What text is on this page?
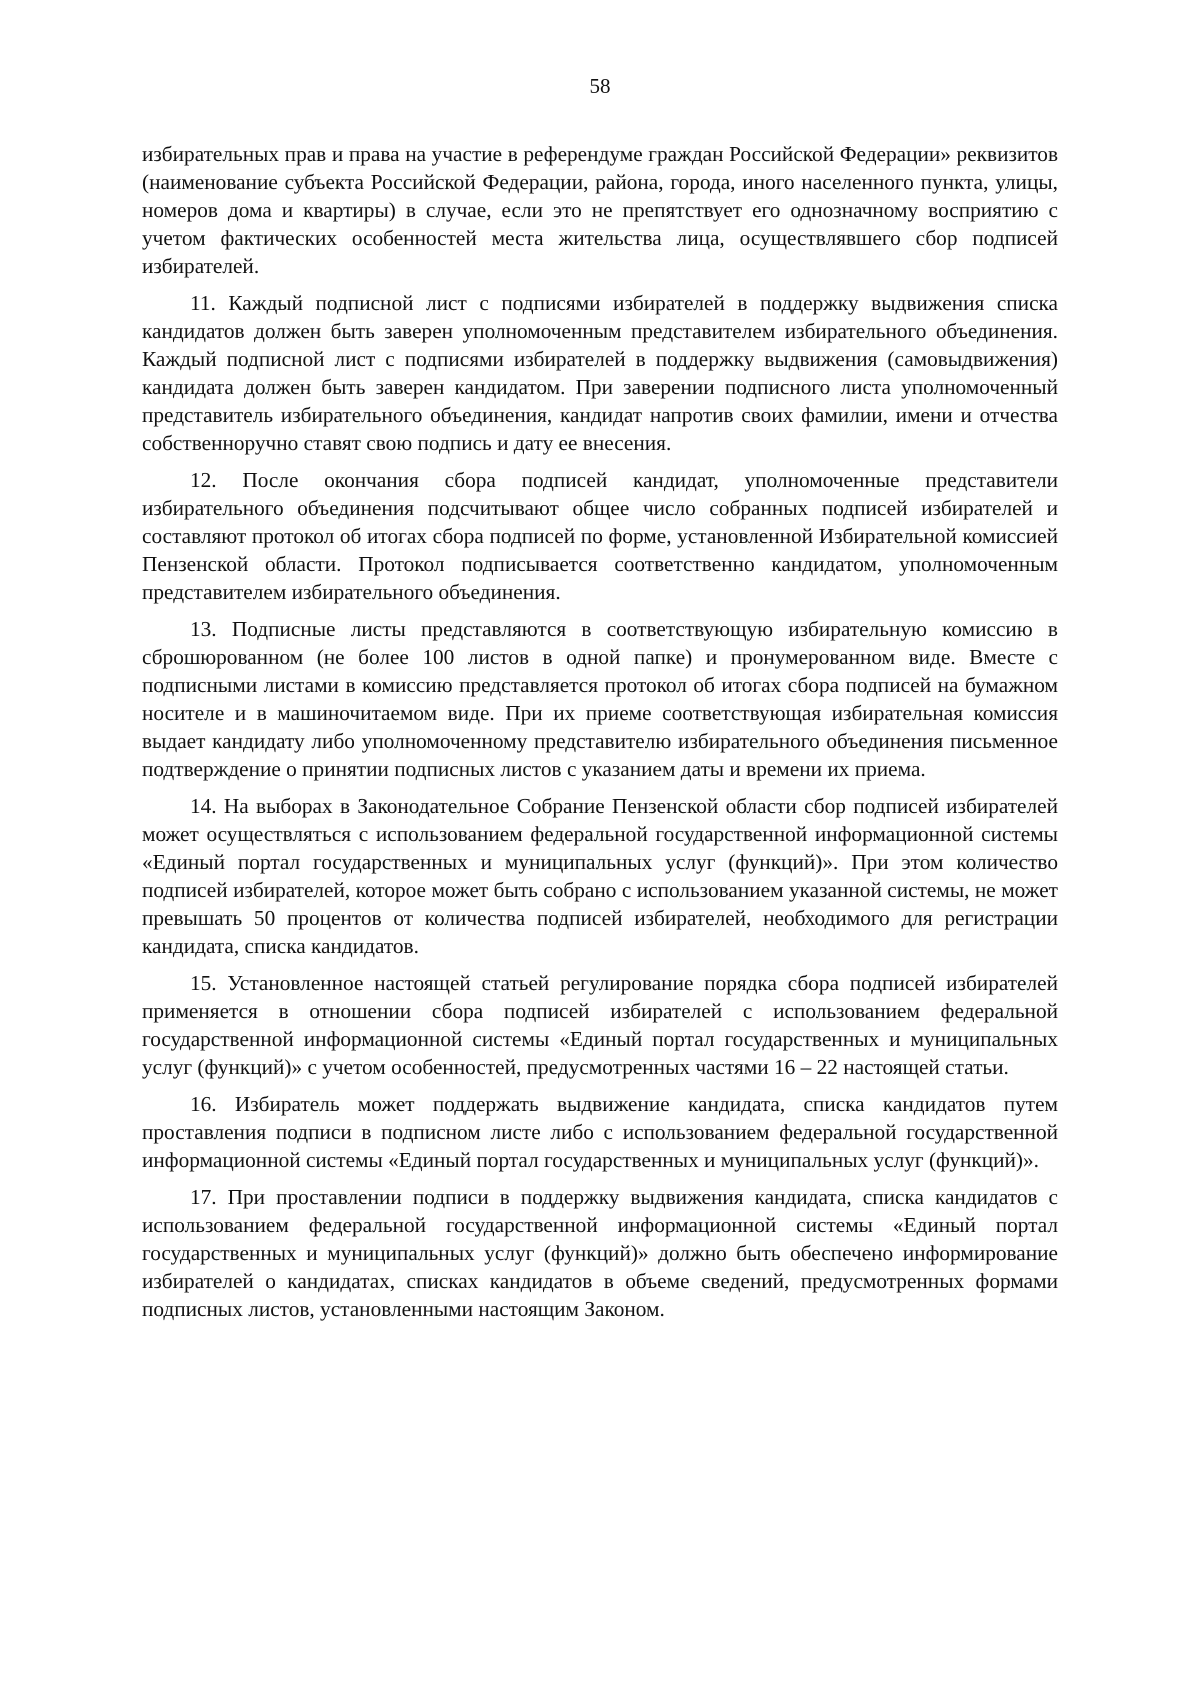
58

избирательных прав и права на участие в референдуме граждан Российской Федерации» реквизитов (наименование субъекта Российской Федерации, района, города, иного населенного пункта, улицы, номеров дома и квартиры) в случае, если это не препятствует его однозначному восприятию с учетом фактических особенностей места жительства лица, осуществлявшего сбор подписей избирателей.

11. Каждый подписной лист с подписями избирателей в поддержку выдвижения списка кандидатов должен быть заверен уполномоченным представителем избирательного объединения. Каждый подписной лист с подписями избирателей в поддержку выдвижения (самовыдвижения) кандидата должен быть заверен кандидатом. При заверении подписного листа уполномоченный представитель избирательного объединения, кандидат напротив своих фамилии, имени и отчества собственноручно ставят свою подпись и дату ее внесения.

12. После окончания сбора подписей кандидат, уполномоченные представители избирательного объединения подсчитывают общее число собранных подписей избирателей и составляют протокол об итогах сбора подписей по форме, установленной Избирательной комиссией Пензенской области. Протокол подписывается соответственно кандидатом, уполномоченным представителем избирательного объединения.

13. Подписные листы представляются в соответствующую избирательную комиссию в сброшюрованном (не более 100 листов в одной папке) и пронумерованном виде. Вместе с подписными листами в комиссию представляется протокол об итогах сбора подписей на бумажном носителе и в машиночитаемом виде. При их приеме соответствующая избирательная комиссия выдает кандидату либо уполномоченному представителю избирательного объединения письменное подтверждение о принятии подписных листов с указанием даты и времени их приема.

14. На выборах в Законодательное Собрание Пензенской области сбор подписей избирателей может осуществляться с использованием федеральной государственной информационной системы «Единый портал государственных и муниципальных услуг (функций)». При этом количество подписей избирателей, которое может быть собрано с использованием указанной системы, не может превышать 50 процентов от количества подписей избирателей, необходимого для регистрации кандидата, списка кандидатов.

15. Установленное настоящей статьей регулирование порядка сбора подписей избирателей применяется в отношении сбора подписей избирателей с использованием федеральной государственной информационной системы «Единый портал государственных и муниципальных услуг (функций)» с учетом особенностей, предусмотренных частями 16 – 22 настоящей статьи.

16. Избиратель может поддержать выдвижение кандидата, списка кандидатов путем проставления подписи в подписном листе либо с использованием федеральной государственной информационной системы «Единый портал государственных и муниципальных услуг (функций)».

17. При проставлении подписи в поддержку выдвижения кандидата, списка кандидатов с использованием федеральной государственной информационной системы «Единый портал государственных и муниципальных услуг (функций)» должно быть обеспечено информирование избирателей о кандидатах, списках кандидатов в объеме сведений, предусмотренных формами подписных листов, установленными настоящим Законом.
